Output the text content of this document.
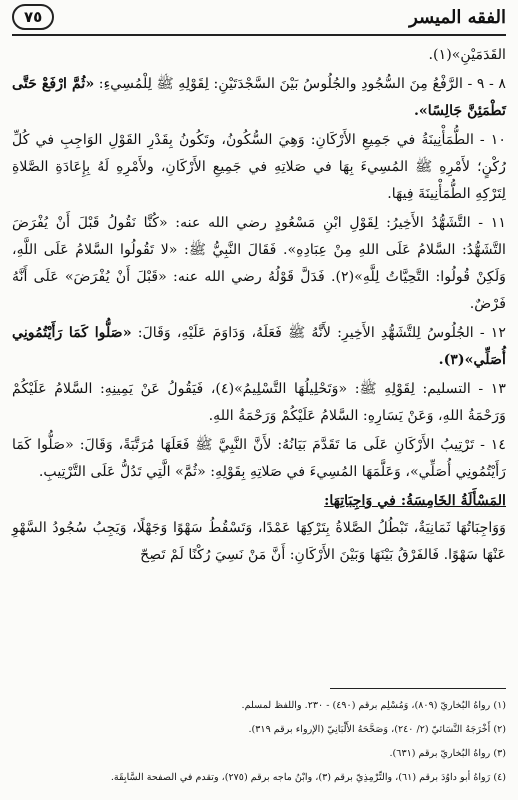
الفقه الميسر
٧٥

القَدَمَيْنِ»(١).

٨ - ٩ - الرَّفْعُ مِنَ السُّجُودِ والجُلُوسُ بَيْنَ السَّجْدَتَيْنِ: لِقَوْلِهِ ﷺ لِلْمُسِيءِ: «ثُمَّ ارْفَعْ حَتَّى تَطْمَئِنَّ جَالِسًا».

١٠ - الطُّمَأْنِينَةُ في جَمِيعِ الأَرْكَانِ: وَهِيَ السُّكُونُ، وتَكُونُ بِقَدْرِ القَوْلِ الوَاجِبِ في كُلِّ رُكْنٍ؛ لأَمْرِهِ ﷺ المُسِيءَ بِهَا في صَلاتِهِ في جَمِيعِ الأَرْكَانِ، ولأَمْرِهِ لَهُ بِإِعَادَةِ الصَّلاةِ لِتَرْكِهِ الطُّمَأْنِينَةَ فِيهَا.

١١ - التَّشَهُّدُ الأَخِيرُ: لِقَوْلِ ابْنِ مَسْعُودٍ رضي الله عنه: «كُنَّا نَقُولُ قَبْلَ أَنْ يُفْرَضَ التَّشَهُّدُ: السَّلامُ عَلَى اللهِ مِنْ عِبَادِهِ». فَقَالَ النَّبِيُّ ﷺ: «لا تَقُولُوا السَّلامُ عَلَى اللَّهِ، وَلَكِنْ قُولُوا: التَّحِيَّاتُ لِلَّهِ»(٢). فَدَلَّ قَوْلُهُ رضي الله عنه: «قَبْلَ أَنْ يُفْرَضَ» عَلَى أَنَّهُ فَرْضٌ.

١٢ - الجُلُوسُ لِلتَّشَهُّدِ الأَخِيرِ: لأَنَّهُ ﷺ فَعَلَهُ، وَدَاوَمَ عَلَيْهِ، وَقَالَ: «صَلُّوا كَمَا رَأَيْتُمُونِي أُصَلِّي»(٣).

١٣ - التسليم: لِقَوْلِهِ ﷺ: «وَتَحْلِيلُهَا التَّسْلِيمُ»(٤)، فَيَقُولُ عَنْ يَمِينِهِ: السَّلامُ عَلَيْكُمْ وَرَحْمَةُ اللهِ، وَعَنْ يَسَارِهِ: السَّلامُ عَلَيْكُمْ وَرَحْمَةُ اللهِ.

١٤ - تَرْتِيبُ الأَرْكَانِ عَلَى مَا تَقَدَّمَ بَيَانُهُ: لأَنَّ النَّبِيَّ ﷺ فَعَلَهَا مُرَتَّبَةً، وَقَالَ: «صَلُّوا كَمَا رَأَيْتُمُونِي أُصَلِّي»، وَعَلَّمَهَا المُسِيءَ في صَلاتِهِ بِقَوْلِهِ: «ثُمَّ» الَّتِي تَدُلُّ عَلَى التَّرْتِيبِ.

المَسْأَلَةُ الخَامِسَةُ: في وَاجِبَاتِهَا:

وَوَاجِبَاتُهَا ثَمَانِيَةٌ، تَبْطُلُ الصَّلاةُ بِتَرْكِهَا عَمْدًا، وَتَسْقُطُ سَهْوًا وَجَهْلًا، وَيَجِبُ سُجُودُ السَّهْوِ عَنْهَا سَهْوًا. فَالفَرْقُ بَيْنَهَا وَبَيْنَ الأَرْكَانِ: أَنَّ مَنْ نَسِيَ رُكْنًا لَمْ تَصِحّ

(١) رواهُ البُخاريّ (٨٠٩)، وَمُسْلِم برقم (٤٩٠) - ٢٣٠. واللفظ لمسلم.
(٢) أَخْرَجَهُ النَّسَائيّ (٢/ ٢٤٠)، وَصَحَّحَهُ الأَلْبَانِيّ (الإرواء برقم ٣١٩).
(٣) رواهُ البُخاريّ برقم (٦٣١).
(٤) رَواهُ أبو داوُدَ برقم (٦١)، والتِّرْمِذِيّ برقم (٣)، وابْنُ ماجه برقم (٢٧٥)، وتقدم في الصفحة السَّابِقَة.
